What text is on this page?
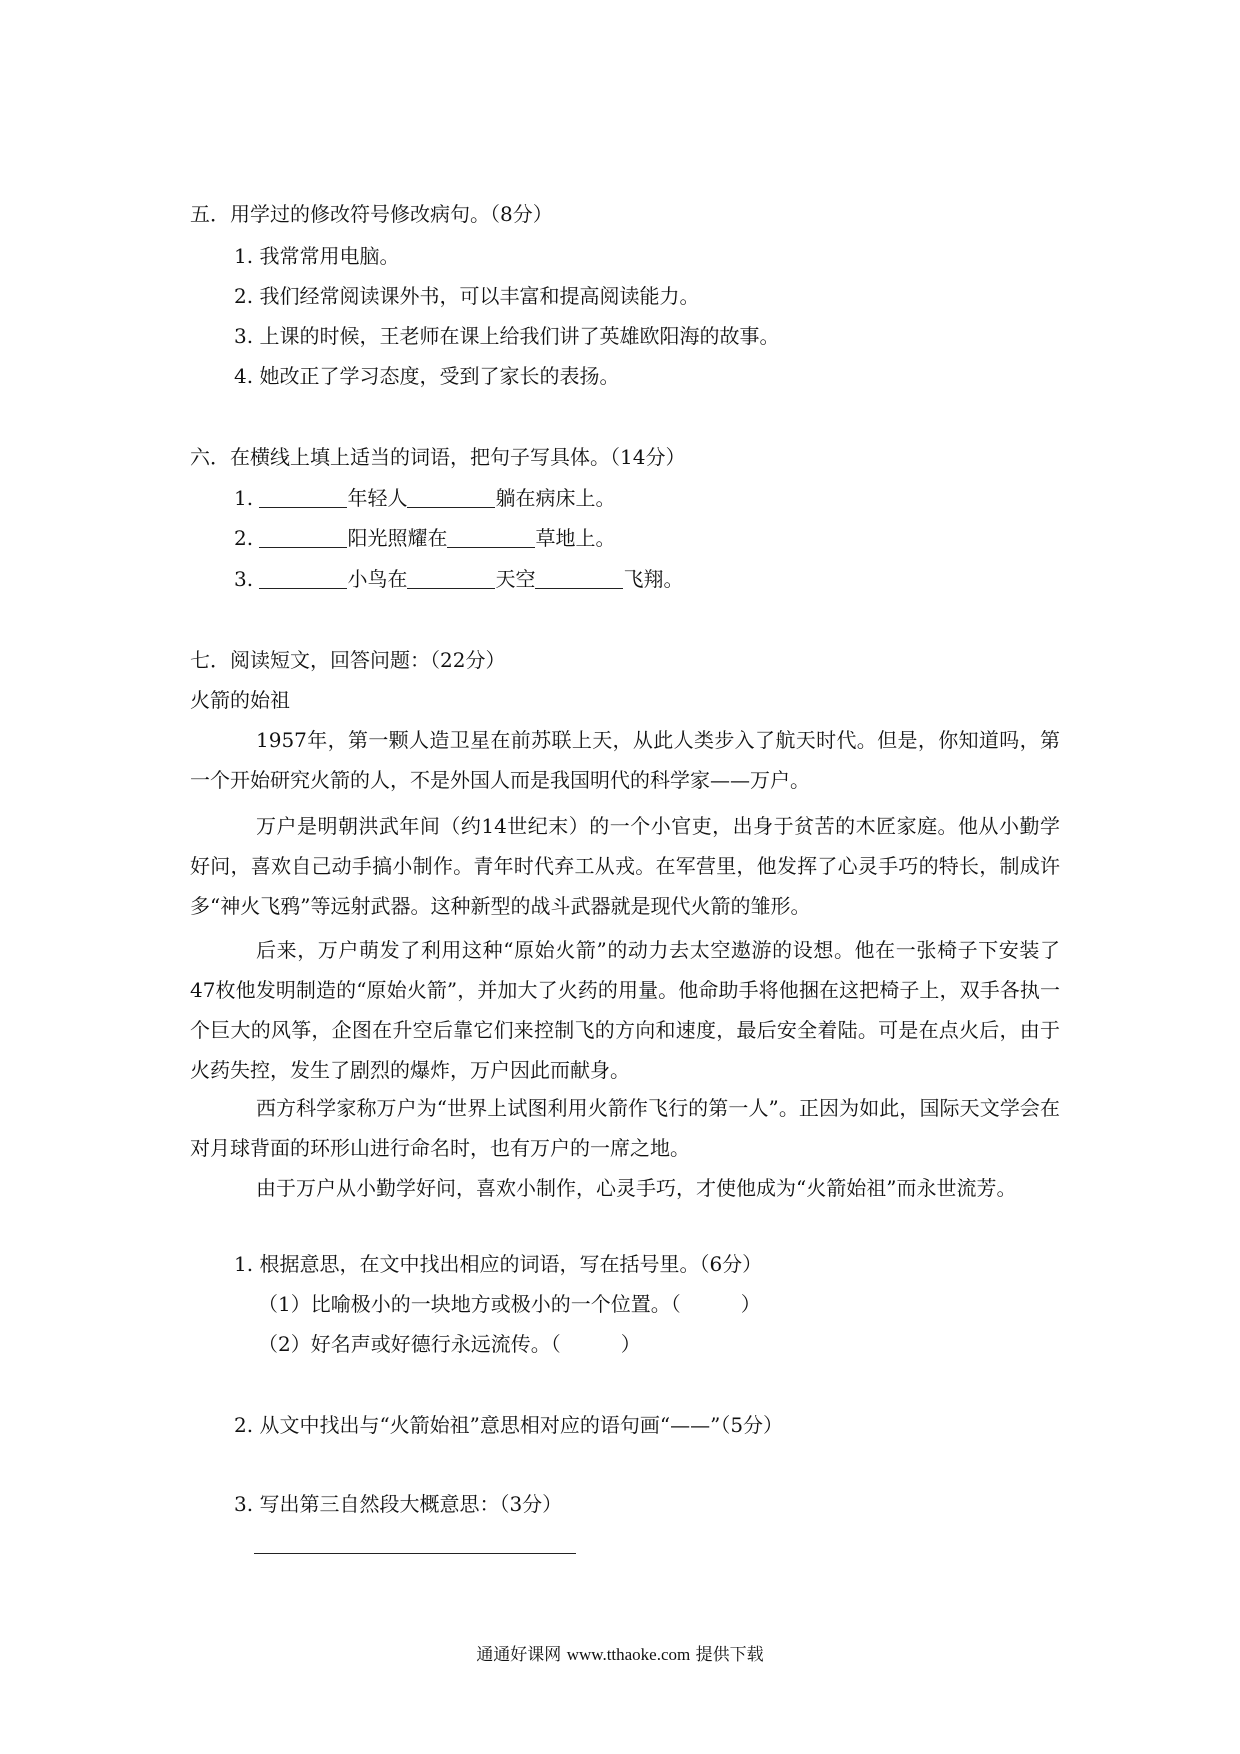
五．用学过的修改符号修改病句。（8分）
1. 我常常用电脑。
2. 我们经常阅读课外书，可以丰富和提高阅读能力。
3. 上课的时候，王老师在课上给我们讲了英雄欧阳海的故事。
4. 她改正了学习态度，受到了家长的表扬。
六．在横线上填上适当的词语，把句子写具体。（14分）
1.	年轻人	躺在病床上。
2.	阳光照耀在	草地上。
3.	小鸟在	天空	飞翔。
七．阅读短文，回答问题：（22分）
火箭的始祖
1957年，第一颗人造卫星在前苏联上天，从此人类步入了航天时代。但是，你知道吗，第一个开始研究火箭的人，不是外国人而是我国明代的科学家——万户。
万户是明朝洪武年间（约14世纪末）的一个小官吏，出身于贫苦的木匠家庭。他从小勤学好问，喜欢自己动手搞小制作。青年时代弃工从戎。在军营里，他发挥了心灵手巧的特长，制成许多“神火飞鸦”等远射武器。这种新型的战斗武器就是现代火箭的雏形。
后来，万户萌发了利用这种“原始火箭”的动力去太空遨游的设想。他在一张椅子下安装了47枚他发明制造的“原始火箭”，并加大了火药的用量。他命助手将他捆在这把椅子上，双手各执一个巨大的风筝，企图在升空后靠它们来控制飞的方向和速度，最后安全着陆。可是在点火后，由于火药失控，发生了剧烈的爆炸，万户因此而献身。
西方科学家称万户为“世界上试图利用火箭作飞行的第一人”。正因为如此，国际天文学会在对月球背面的环形山进行命名时，也有万户的一席之地。
由于万户从小勤学好问，喜欢小制作，心灵手巧，才使他成为“火箭始祖”而永世流芳。
1. 根据意思，在文中找出相应的词语，写在括号里。（6分）
（1）比喻极小的一块地方或极小的一个位置。（　　　）
（2）好名声或好德行永远流传。（　　　）
2. 从文中找出与“火箭始祖”意思相对应的语句画“——”（5分）
3. 写出第三自然段大概意思：（3分）
通通好课网 www.tthaoke.com 提供下载
